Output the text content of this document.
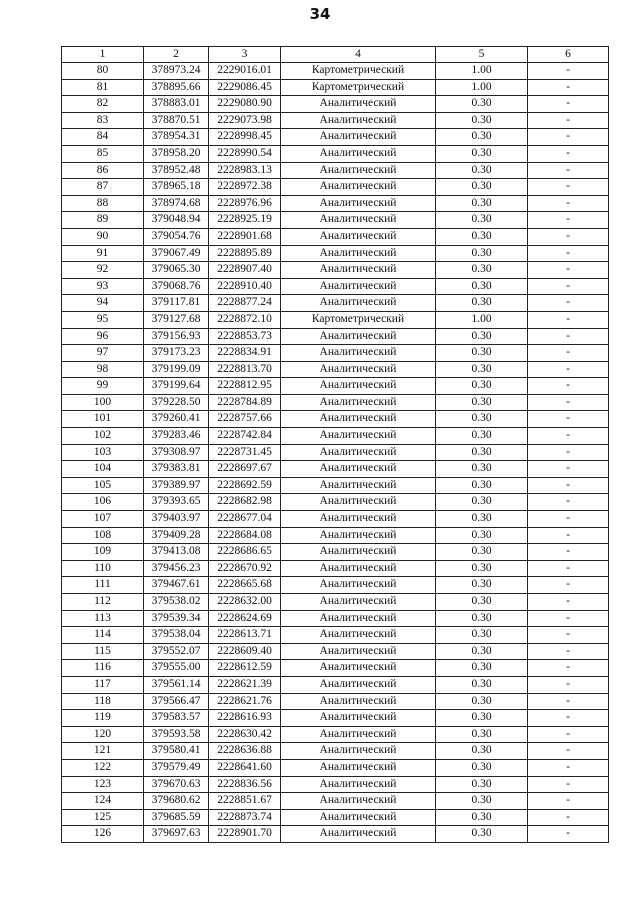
34
1	2	3	4	5	6
80	378973.24	2229016.01	Картометрический	1.00	-
81	378895.66	2229086.45	Картометрический	1.00	-
82	378883.01	2229080.90	Аналитический	0.30	-
83	378870.51	2229073.98	Аналитический	0.30	-
84	378954.31	2228998.45	Аналитический	0.30	-
85	378958.20	2228990.54	Аналитический	0.30	-
86	378952.48	2228983.13	Аналитический	0.30	-
87	378965.18	2228972.38	Аналитический	0.30	-
88	378974.68	2228976.96	Аналитический	0.30	-
89	379048.94	2228925.19	Аналитический	0.30	-
90	379054.76	2228901.68	Аналитический	0.30	-
91	379067.49	2228895.89	Аналитический	0.30	-
92	379065.30	2228907.40	Аналитический	0.30	-
93	379068.76	2228910.40	Аналитический	0.30	-
94	379117.81	2228877.24	Аналитический	0.30	-
95	379127.68	2228872.10	Картометрический	1.00	-
96	379156.93	2228853.73	Аналитический	0.30	-
97	379173.23	2228834.91	Аналитический	0.30	-
98	379199.09	2228813.70	Аналитический	0.30	-
99	379199.64	2228812.95	Аналитический	0.30	-
100	379228.50	2228784.89	Аналитический	0.30	-
101	379260.41	2228757.66	Аналитический	0.30	-
102	379283.46	2228742.84	Аналитический	0.30	-
103	379308.97	2228731.45	Аналитический	0.30	-
104	379383.81	2228697.67	Аналитический	0.30	-
105	379389.97	2228692.59	Аналитический	0.30	-
106	379393.65	2228682.98	Аналитический	0.30	-
107	379403.97	2228677.04	Аналитический	0.30	-
108	379409.28	2228684.08	Аналитический	0.30	-
109	379413.08	2228686.65	Аналитический	0.30	-
110	379456.23	2228670.92	Аналитический	0.30	-
111	379467.61	2228665.68	Аналитический	0.30	-
112	379538.02	2228632.00	Аналитический	0.30	-
113	379539.34	2228624.69	Аналитический	0.30	-
114	379538.04	2228613.71	Аналитический	0.30	-
115	379552.07	2228609.40	Аналитический	0.30	-
116	379555.00	2228612.59	Аналитический	0.30	-
117	379561.14	2228621.39	Аналитический	0.30	-
118	379566.47	2228621.76	Аналитический	0.30	-
119	379583.57	2228616.93	Аналитический	0.30	-
120	379593.58	2228630.42	Аналитический	0.30	-
121	379580.41	2228636.88	Аналитический	0.30	-
122	379579.49	2228641.60	Аналитический	0.30	-
123	379670.63	2228836.56	Аналитический	0.30	-
124	379680.62	2228851.67	Аналитический	0.30	-
125	379685.59	2228873.74	Аналитический	0.30	-
126	379697.63	2228901.70	Аналитический	0.30	-
